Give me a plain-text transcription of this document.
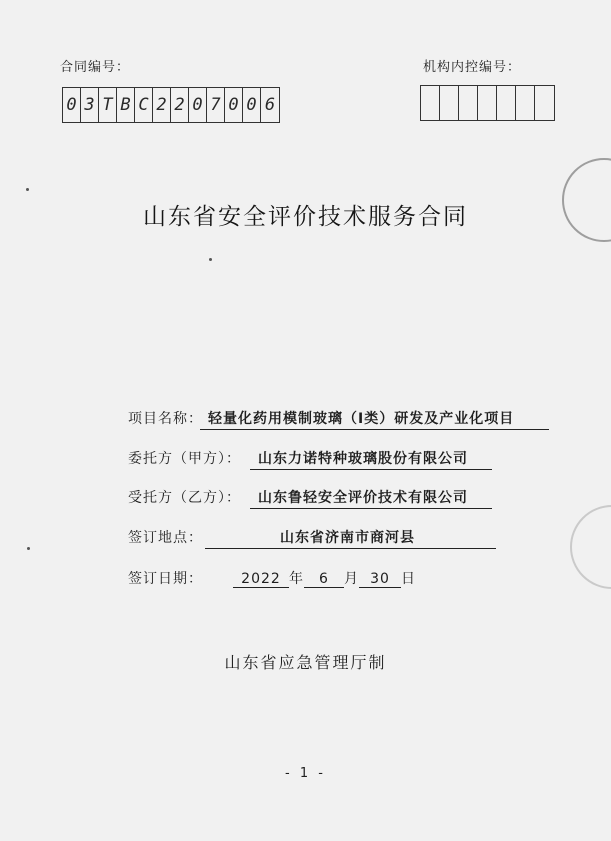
合同编号：
0 3 T B C 2 2 0 7 0 0 6
机构内控编号：
山东省安全评价技术服务合同
项目名称： 轻量化药用模制玻璃（I类）研发及产业化项目
委托方（甲方）：	山东力诺特种玻璃股份有限公司
受托方（乙方）：	山东鲁轻安全评价技术有限公司
签订地点：	山东省济南市商河县
签订日期：	2022 年 6 月 30 日
山东省应急管理厅制
- 1 -
